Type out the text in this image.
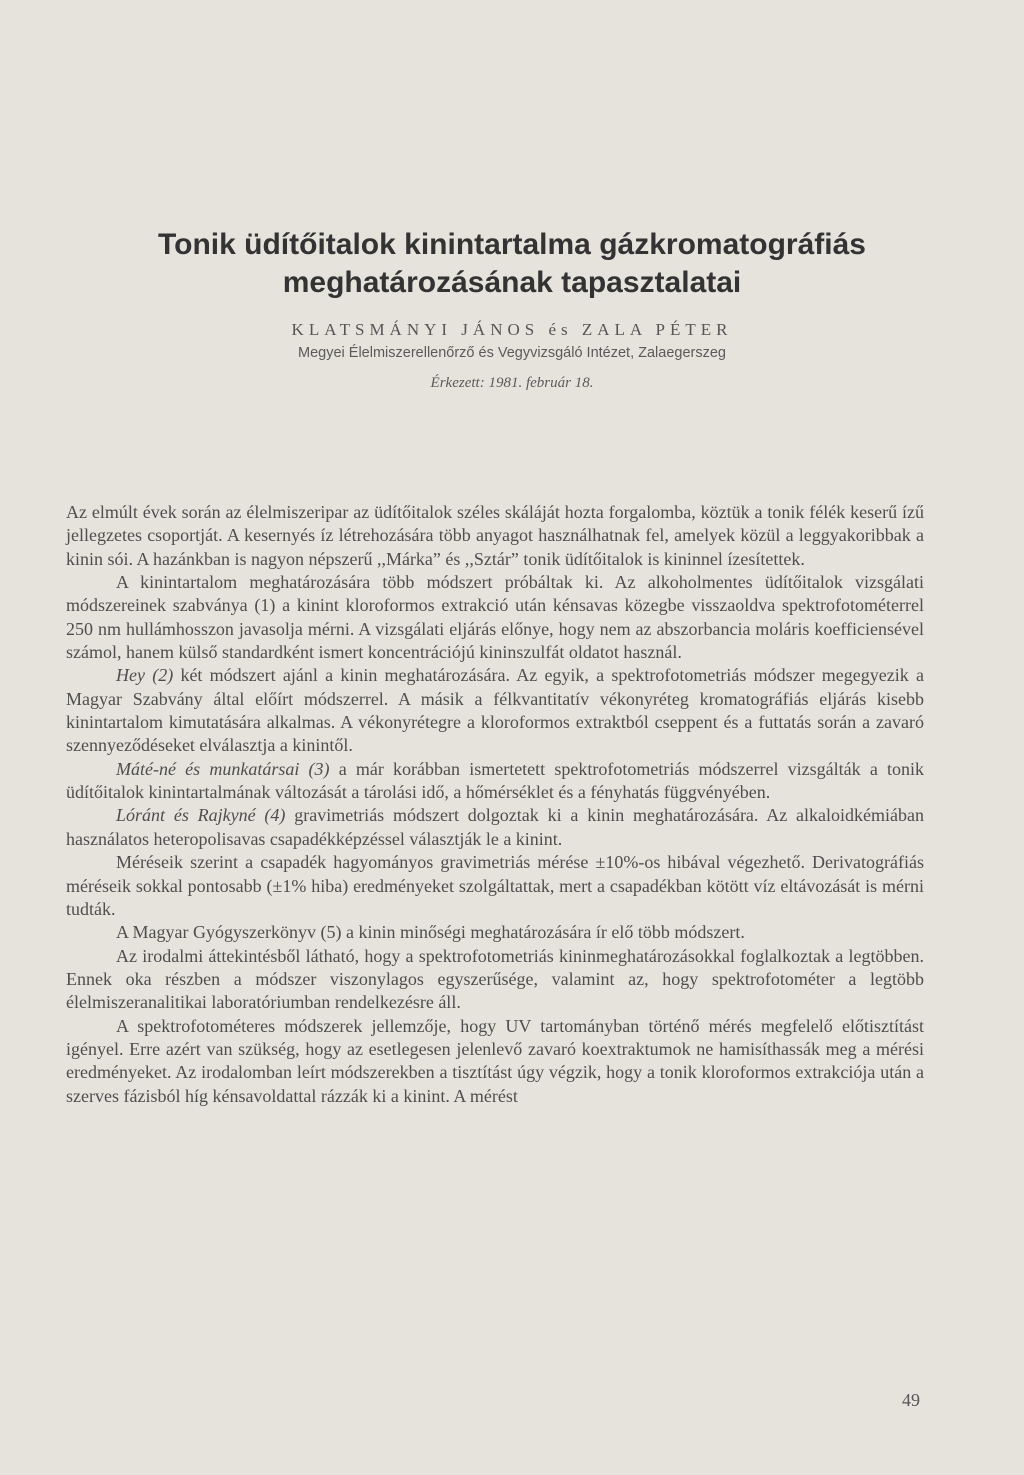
Tonik üdítőitalok kinintartalma gázkromatográfiás
meghatározásának tapasztalatai
KLATSMÁNYI JÁNOS és ZALA PÉTER
Megyei Élelmiszerellenőrző és Vegyvizsgáló Intézet, Zalaegerszeg
Érkezett: 1981. február 18.

Az elmúlt évek során az élelmiszeripar az üdítőitalok széles skáláját hozta forgalomba, köztük a tonik félék keserű ízű jellegzetes csoportját. A kesernyés íz létrehozására több anyagot használhatnak fel, amelyek közül a leggyakoribbak a kinin sói. A hazánkban is nagyon népszerű ,,Márka” és ,,Sztár” tonik üdítőitalok is kininnel ízesítettek.

A kinintartalom meghatározására több módszert próbáltak ki. Az alkoholmentes üdítőitalok vizsgálati módszereinek szabványa (1) a kinint kloroformos extrakció után kénsavas közegbe visszaoldva spektrofotométerrel 250 nm hullámhosszon javasolja mérni. A vizsgálati eljárás előnye, hogy nem az abszorbancia moláris koefficiensével számol, hanem külső standardként ismert koncentrációjú kininszulfát oldatot használ.

Hey (2) két módszert ajánl a kinin meghatározására. Az egyik, a spektrofotometriás módszer megegyezik a Magyar Szabvány által előírt módszerrel. A másik a félkvantitatív vékonyréteg kromatográfiás eljárás kisebb kinintartalom kimutatására alkalmas. A vékonyrétegre a kloroformos extraktból cseppent és a futtatás során a zavaró szennyeződéseket elválasztja a kinintől.

Máté-né és munkatársai (3) a már korábban ismertetett spektrofotometriás módszerrel vizsgálták a tonik üdítőitalok kinintartalmának változását a tárolási idő, a hőmérséklet és a fényhatás függvényében.

Lóránt és Rajkyné (4) gravimetriás módszert dolgoztak ki a kinin meghatározására. Az alkaloidkémiában használatos heteropolisavas csapadékképzéssel választják le a kinint.

Méréseik szerint a csapadék hagyományos gravimetriás mérése ±10%-os hibával végezhető. Derivatográfiás méréseik sokkal pontosabb (±1% hiba) eredményeket szolgáltattak, mert a csapadékban kötött víz eltávozását is mérni tudták.

A Magyar Gyógyszerkönyv (5) a kinin minőségi meghatározására ír elő több módszert.

Az irodalmi áttekintésből látható, hogy a spektrofotometriás kininmeghatározásokkal foglalkoztak a legtöbben. Ennek oka részben a módszer viszonylagos egyszerűsége, valamint az, hogy spektrofotométer a legtöbb élelmiszeranalitikai laboratóriumban rendelkezésre áll.

A spektrofotométeres módszerek jellemzője, hogy UV tartományban történő mérés megfelelő előtisztítást igényel. Erre azért van szükség, hogy az esetlegesen jelenlevő zavaró koextraktumok ne hamisíthassák meg a mérési eredményeket. Az irodalomban leírt módszerekben a tisztítást úgy végzik, hogy a tonik kloroformos extrakciója után a szerves fázisból híg kénsavoldattal rázzák ki a kinint. A mérést

49
